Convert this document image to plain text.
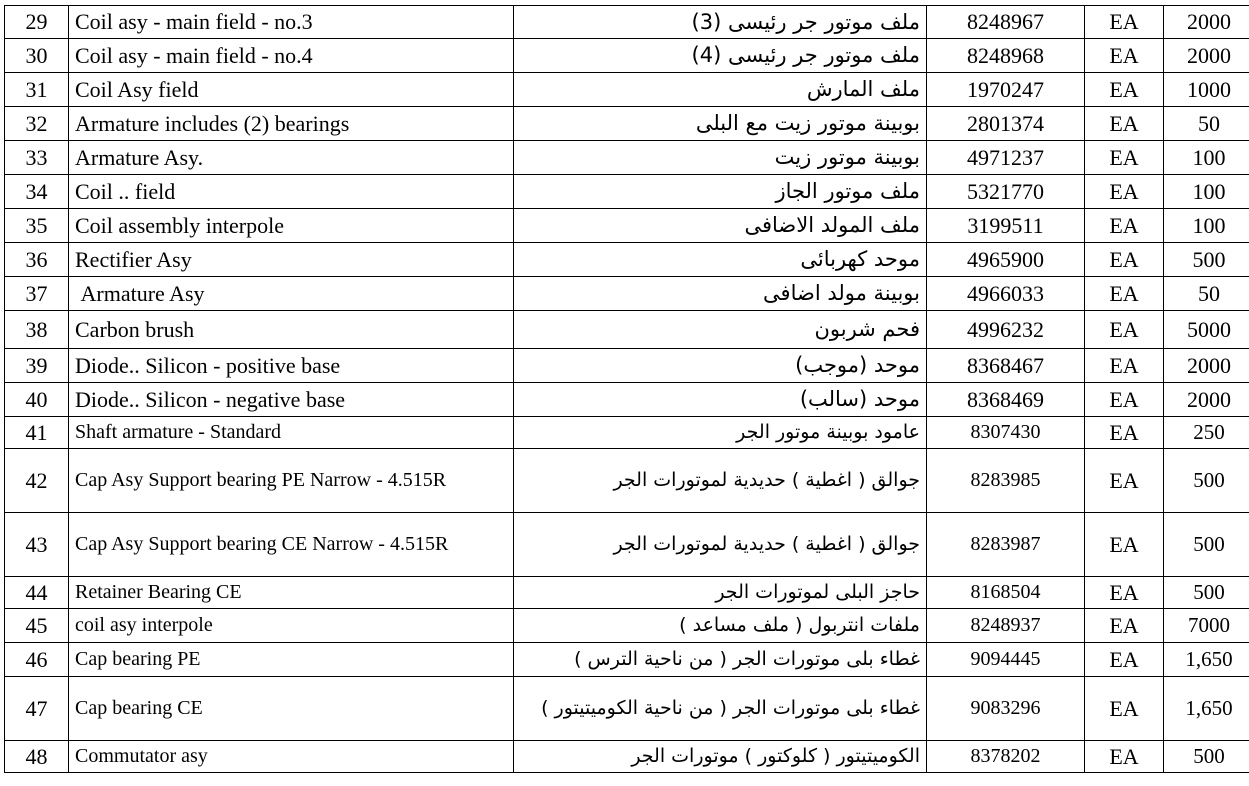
29	Coil asy - main field - no.3	ملف موتور جر رئيسى (3)	8248967	EA	2000
30	Coil asy - main field - no.4	ملف موتور جر رئيسى (4)	8248968	EA	2000
31	Coil Asy field	ملف المارش	1970247	EA	1000
32	Armature includes (2) bearings	بوبينة موتور زيت مع البلى	2801374	EA	50
33	Armature Asy.	بوبينة موتور زيت	4971237	EA	100
34	Coil .. field	ملف موتور الجاز	5321770	EA	100
35	Coil assembly interpole	ملف المولد الاضافى	3199511	EA	100
36	Rectifier Asy	موحد كهربائى	4965900	EA	500
37	Armature Asy	بوبينة مولد اضافى	4966033	EA	50
38	Carbon brush	فحم شربون	4996232	EA	5000
39	Diode.. Silicon - positive base	موحد (موجب)	8368467	EA	2000
40	Diode.. Silicon - negative base	موحد (سالب)	8368469	EA	2000
41	Shaft armature - Standard	عامود بوبينة موتور الجر	8307430	EA	250
42	Cap Asy Support bearing PE Narrow - 4.515R	جوالق ( اغطية ) حديدية لموتورات الجر	8283985	EA	500
43	Cap Asy Support bearing CE Narrow - 4.515R	جوالق ( اغطية ) حديدية لموتورات الجر	8283987	EA	500
44	Retainer Bearing CE	حاجز البلى لموتورات الجر	8168504	EA	500
45	coil asy interpole	ملفات انتربول ( ملف مساعد )	8248937	EA	7000
46	Cap bearing PE	غطاء بلى موتورات الجر ( من ناحية الترس )	9094445	EA	1,650
47	Cap bearing CE	غطاء بلى موتورات الجر ( من ناحية الكوميتيتور )	9083296	EA	1,650
48	Commutator asy	الكوميتيتور ( كلوكتور ) موتورات الجر	8378202	EA	500
